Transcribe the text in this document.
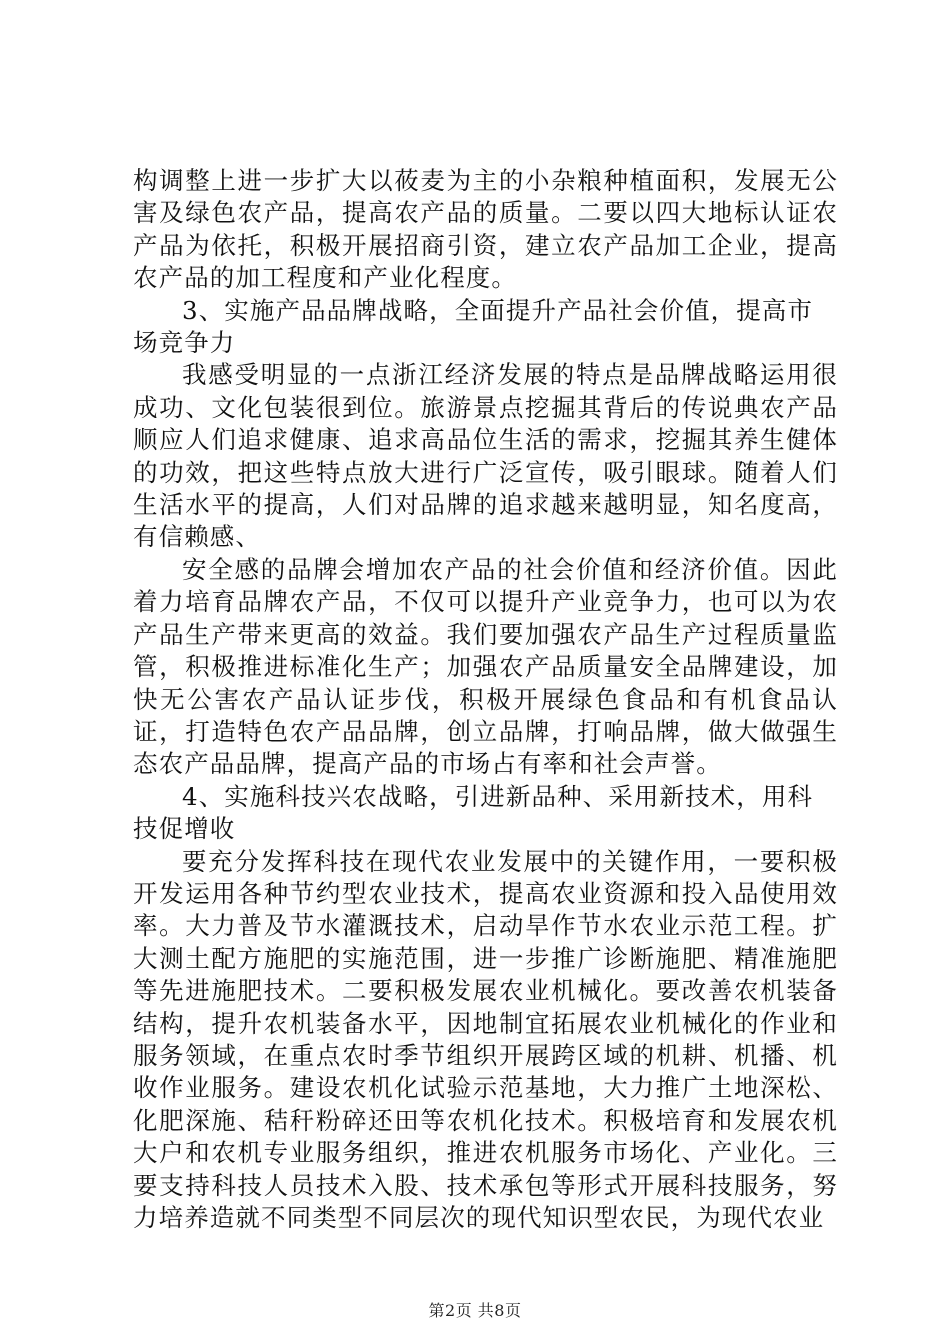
构调整上进一步扩大以莜麦为主的小杂粮种植面积，发展无公害及绿色农产品，提高农产品的质量。二要以四大地标认证农产品为依托，积极开展招商引资，建立农产品加工企业，提高农产品的加工程度和产业化程度。

3、实施产品品牌战略，全面提升产品社会价值，提高市场竞争力

我感受明显的一点浙江经济发展的特点是品牌战略运用很成功、文化包装很到位。旅游景点挖掘其背后的传说典农产品顺应人们追求健康、追求高品位生活的需求，挖掘其养生健体的功效，把这些特点放大进行广泛宣传，吸引眼球。随着人们生活水平的提高，人们对品牌的追求越来越明显，知名度高，有信赖感、

安全感的品牌会增加农产品的社会价值和经济价值。因此着力培育品牌农产品，不仅可以提升产业竞争力，也可以为农产品生产带来更高的效益。我们要加强农产品生产过程质量监管，积极推进标准化生产；加强农产品质量安全品牌建设，加快无公害农产品认证步伐，积极开展绿色食品和有机食品认证，打造特色农产品品牌，创立品牌，打响品牌，做大做强生态农产品品牌，提高产品的市场占有率和社会声誉。

4、实施科技兴农战略，引进新品种、采用新技术，用科技促增收

要充分发挥科技在现代农业发展中的关键作用，一要积极开发运用各种节约型农业技术，提高农业资源和投入品使用效率。大力普及节水灌溉技术，启动旱作节水农业示范工程。扩大测土配方施肥的实施范围，进一步推广诊断施肥、精准施肥等先进施肥技术。二要积极发展农业机械化。要改善农机装备结构，提升农机装备水平，因地制宜拓展农业机械化的作业和服务领域，在重点农时季节组织开展跨区域的机耕、机播、机收作业服务。建设农机化试验示范基地，大力推广土地深松、化肥深施、秸秆粉碎还田等农机化技术。积极培育和发展农机大户和农机专业服务组织，推进农机服务市场化、产业化。三要支持科技人员技术入股、技术承包等形式开展科技服务，努力培养造就不同类型不同层次的现代知识型农民，为现代农业

第2页 共8页
